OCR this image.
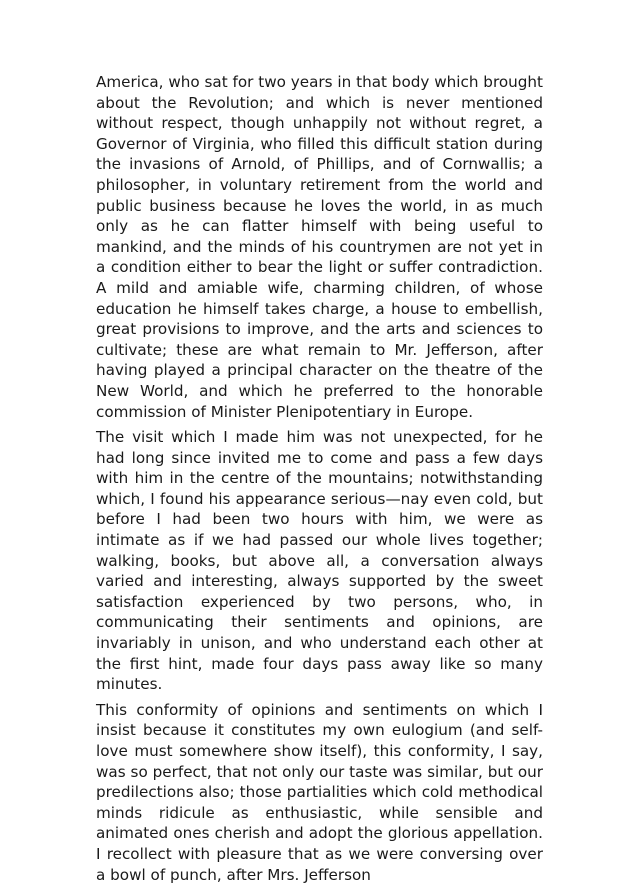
America, who sat for two years in that body which brought about the Revolution; and which is never mentioned without respect, though unhappily not without regret, a Governor of Virginia, who filled this difficult station during the invasions of Arnold, of Phillips, and of Cornwallis; a philosopher, in voluntary retirement from the world and public business because he loves the world, in as much only as he can flatter himself with being useful to mankind, and the minds of his countrymen are not yet in a condition either to bear the light or suffer contradiction. A mild and amiable wife, charming children, of whose education he himself takes charge, a house to embellish, great provisions to improve, and the arts and sciences to cultivate; these are what remain to Mr. Jefferson, after having played a principal character on the theatre of the New World, and which he preferred to the honorable commission of Minister Plenipotentiary in Europe.

The visit which I made him was not unexpected, for he had long since invited me to come and pass a few days with him in the centre of the mountains; notwithstanding which, I found his appearance serious—nay even cold, but before I had been two hours with him, we were as intimate as if we had passed our whole lives together; walking, books, but above all, a conversation always varied and interesting, always supported by the sweet satisfaction experienced by two persons, who, in communicating their sentiments and opinions, are invariably in unison, and who understand each other at the first hint, made four days pass away like so many minutes.

This conformity of opinions and sentiments on which I insist because it constitutes my own eulogium (and self-love must somewhere show itself), this conformity, I say, was so perfect, that not only our taste was similar, but our predilections also; those partialities which cold methodical minds ridicule as enthusiastic, while sensible and animated ones cherish and adopt the glorious appellation. I recollect with pleasure that as we were conversing over a bowl of punch, after Mrs. Jefferson
